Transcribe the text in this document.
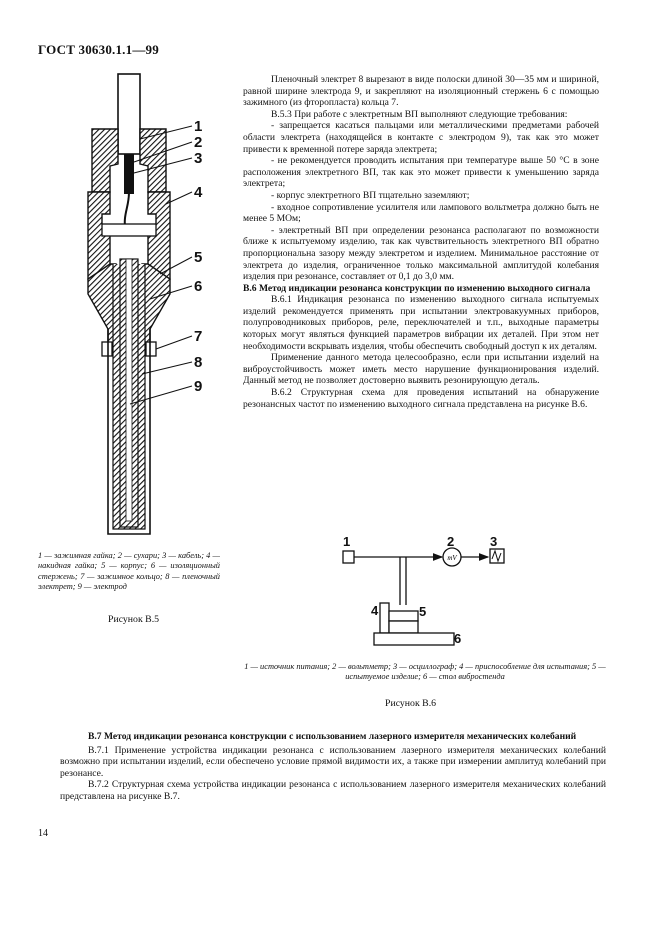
ГОСТ 30630.1.1—99

Пленочный электрет 8 вырезают в виде полоски длиной 30—35 мм и шириной, равной ширине электрода 9, и закрепляют на изоляционный стержень 6 с помощью зажимного (из фторопласта) кольца 7.

В.5.3 При работе с электретным ВП выполняют следующие требования:

- запрещается касаться пальцами или металлическими предметами рабочей области электрета (находящейся в контакте с электродом 9), так как это может привести к временной потере заряда электрета;

- не рекомендуется проводить испытания при температуре выше 50 °С в зоне расположения электретного ВП, так как это может привести к уменьшению заряда электрета;

- корпус электретного ВП тщательно заземляют;

- входное сопротивление усилителя или лампового вольтметра должно быть не менее 5 МОм;

- электретный ВП при определении резонанса располагают по возможности ближе к испытуемому изделию, так как чувствительность электретного ВП обратно пропорциональна зазору между электретом и изделием. Минимальное расстояние от электрета до изделия, ограниченное только максимальной амплитудой колебания изделия при резонансе, составляет от 0,1 до 3,0 мм.

В.6 Метод индикации резонанса конструкции по изменению выходного сигнала

В.6.1 Индикация резонанса по изменению выходного сигнала испытуемых изделий рекомендуется применять при испытании электровакуумных приборов, полупроводниковых приборов, реле, переключателей и т.п., выходные параметры которых могут являться функцией параметров вибрации их деталей. При этом нет необходимости вскрывать изделия, чтобы обеспечить свободный доступ к их деталям.

Применение данного метода целесообразно, если при испытании изделий на виброустойчивость может иметь место нарушение функционирования изделий. Данный метод не позволяет достоверно выявить резонирующую деталь.

В.6.2 Структурная схема для проведения испытаний на обнаружение резонансных частот по изменению выходного сигнала представлена на рисунке В.6.

1
2
3
4
5
6
7
8
9
1 — зажимная гайка; 2 — сухари; 3 — кабель; 4 — накидная гайка; 5 — корпус; 6 — изоляционный стержень; 7 — зажимное кольцо; 8 — пленочный электрет; 9 — электрод
Рисунок В.5
mV
1	2	3
4	5
6
1 — источник питания; 2 — вольтметр; 3 — осциллограф; 4 — приспособление для испытания; 5 — испытуемое изделие; 6 — стол вибростенда
Рисунок В.6

В.7 Метод индикации резонанса конструкции с использованием лазерного измерителя механических колебаний

В.7.1 Применение устройства индикации резонанса с использованием лазерного измерителя механических колебаний возможно при испытании изделий, если обеспечено условие прямой видимости их, а также при измерении амплитуд колебаний при резонансе.

В.7.2 Структурная схема устройства индикации резонанса с использованием лазерного измерителя механических колебаний представлена на рисунке В.7.

14
